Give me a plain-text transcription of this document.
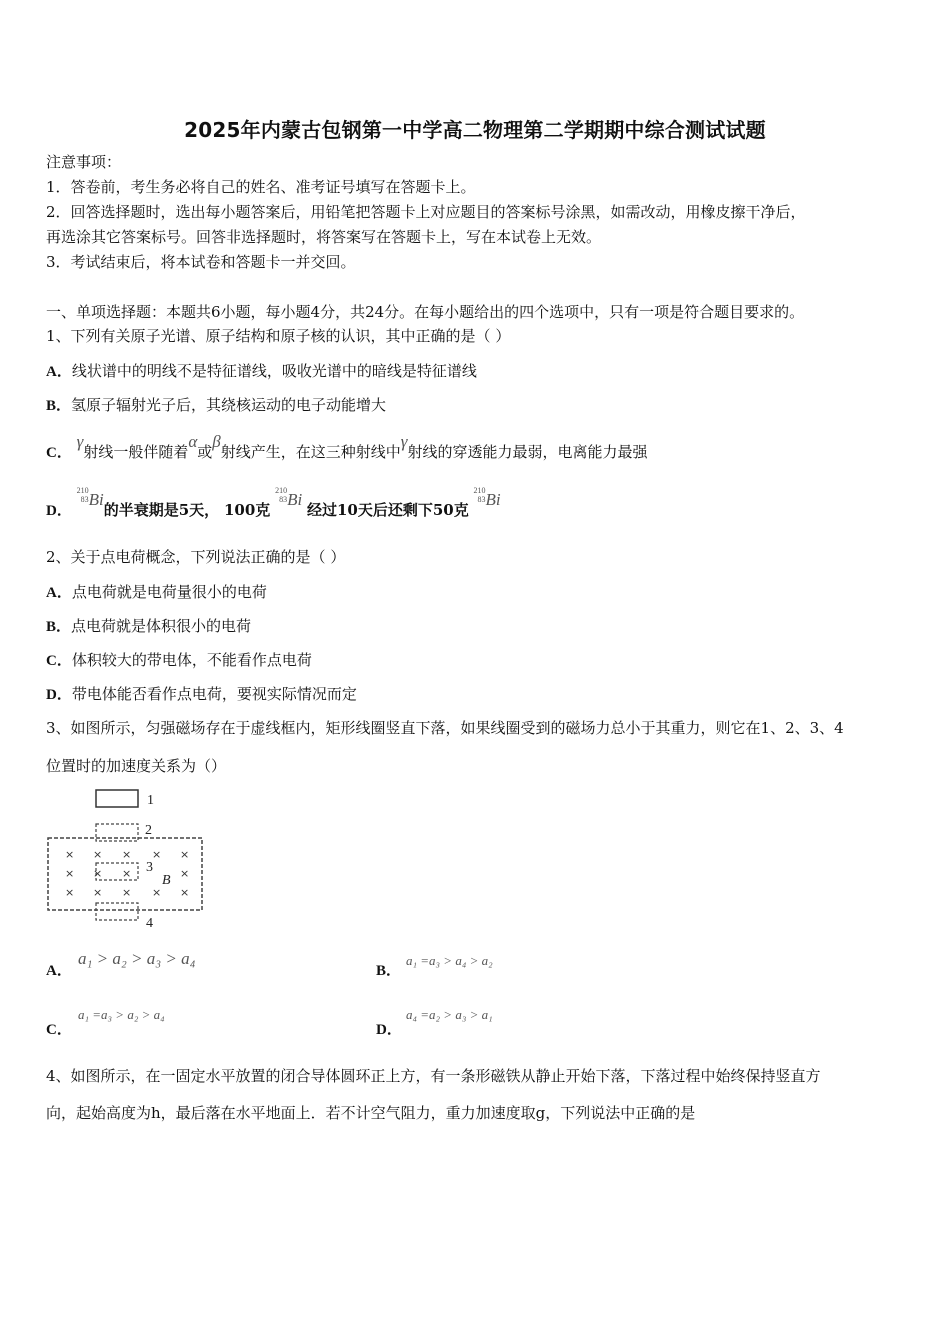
2025年内蒙古包钢第一中学高二物理第二学期期中综合测试试题
注意事项：
1．答卷前，考生务必将自己的姓名、准考证号填写在答题卡上。
2．回答选择题时，选出每小题答案后，用铅笔把答题卡上对应题目的答案标号涂黑，如需改动，用橡皮擦干净后，
再选涂其它答案标号。回答非选择题时，将答案写在答题卡上，写在本试卷上无效。
3．考试结束后，将本试卷和答题卡一并交回。
一、单项选择题：本题共6小题，每小题4分，共24分。在每小题给出的四个选项中，只有一项是符合题目要求的。
1、下列有关原子光谱、原子结构和原子核的认识，其中正确的是（ ）
A．线状谱中的明线不是特征谱线，吸收光谱中的暗线是特征谱线
B．氢原子辐射光子后，其绕核运动的电子动能增大
C． γ射线一般伴随着α或β射线产生，在这三种射线中γ射线的穿透能力最弱，电离能力最强
D．
210
83 Bi的半衰期是5天， 100克
210
83 Bi 经过10天后还剩下50克
210
83 Bi
2、关于点电荷概念，下列说法正确的是（ ）
A．点电荷就是电荷量很小的电荷
B．点电荷就是体积很小的电荷
C．体积较大的带电体，不能看作点电荷
D．带电体能否看作点电荷，要视实际情况而定
3、如图所示，匀强磁场存在于虚线框内，矩形线圈竖直下落，如果线圈受到的磁场力总小于其重力，则它在1、2、3、4
位置时的加速度关系为（）
× × × × ×
× × ×	×
× × × × ×
1
2
3
4
B
A．
a₁ > a₂ > a₃ > a₄
B．
a₁ =a₃ > a₄ > a₂
C．
a₁ =a₃ > a₂ > a₄
D．
a₄ =a₂ > a₃ > a₁
4、如图所示，在一固定水平放置的闭合导体圆环正上方，有一条形磁铁从静止开始下落，下落过程中始终保持竖直方
向，起始高度为h，最后落在水平地面上．若不计空气阻力，重力加速度取g，下列说法中正确的是
